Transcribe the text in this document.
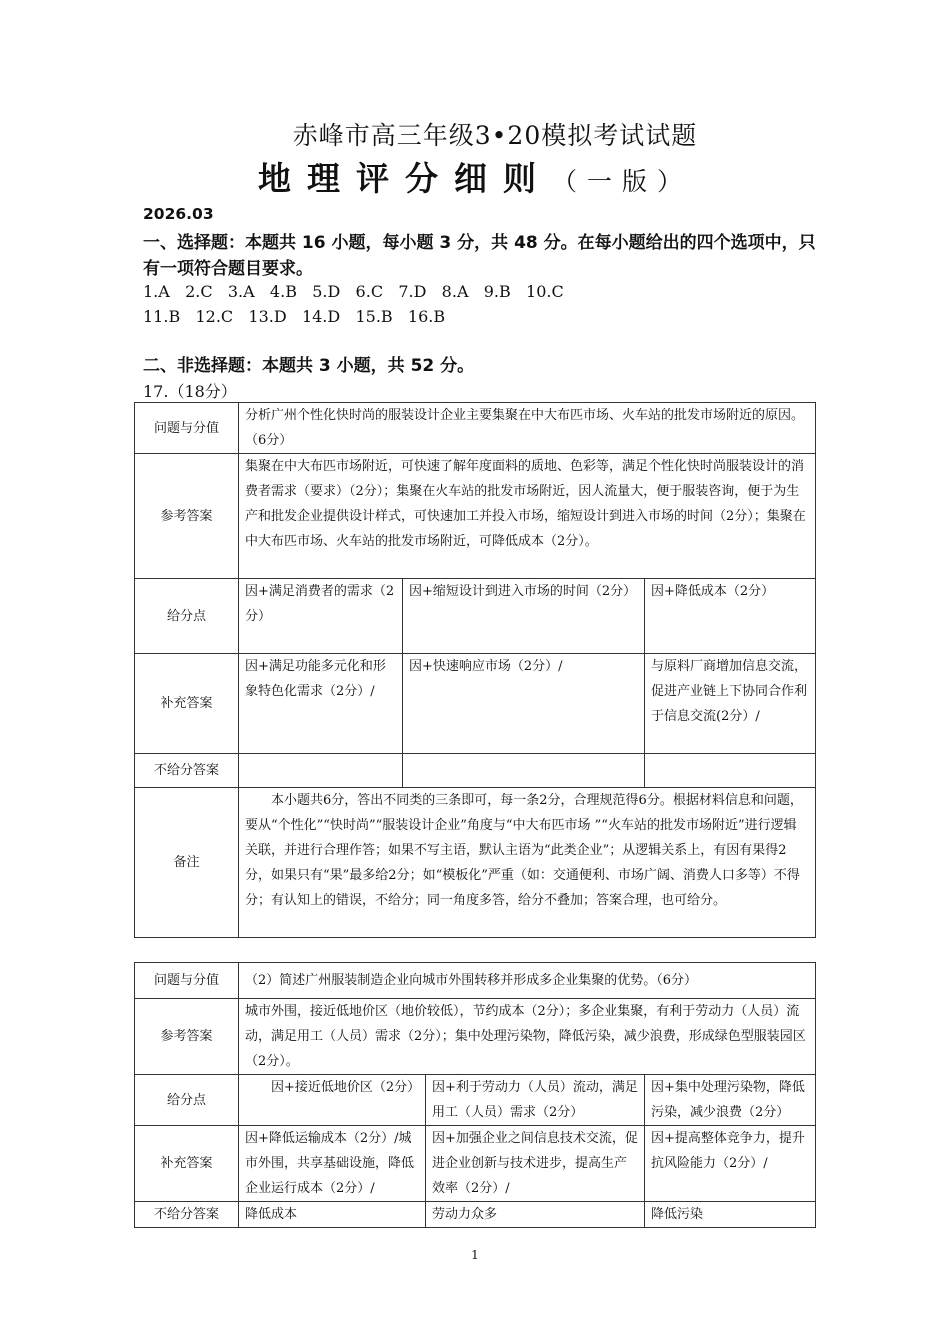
赤峰市高三年级3•20模拟考试试题
地理评分细则（一版）
2026.03
一、选择题：本题共 16 小题，每小题 3 分，共 48 分。在每小题给出的四个选项中，只有一项符合题目要求。
1.A   2.C   3.A   4.B   5.D   6.C   7.D   8.A   9.B   10.C
11.B   12.C   13.D   14.D   15.B   16.B
二、非选择题：本题共 3 小题，共 52 分。
17.（18分）
问题与分值	分析广州个性化快时尚的服装设计企业主要集聚在中大布匹市场、火车站的批发市场附近的原因。（6分）		
参考答案	集聚在中大布匹市场附近，可快速了解年度面料的质地、色彩等，满足个性化快时尚服装设计的消费者需求（要求）（2分）；集聚在火车站的批发市场附近，因人流量大，便于服装咨询，便于为生产和批发企业提供设计样式，可快速加工并投入市场，缩短设计到进入市场的时间（2分）；集聚在中大布匹市场、火车站的批发市场附近，可降低成本（2分）。		
给分点	因+满足消费者的需求（2分）	因+缩短设计到进入市场的时间（2分）	因+降低成本（2分）
补充答案	因+满足功能多元化和形象特色化需求（2分）/	因+快速响应市场（2分）/	与原料厂商增加信息交流，促进产业链上下协同合作利于信息交流(2分）/
不给分答案			
备注	本小题共6分，答出不同类的三条即可，每一条2分，合理规范得6分。根据材料信息和问题，要从“个性化”“快时尚”“服装设计企业”角度与“中大布匹市场 ”“火车站的批发市场附近”进行逻辑关联，并进行合理作答；如果不写主语，默认主语为“此类企业”；从逻辑关系上，有因有果得2分，如果只有“果”最多给2分；如“模板化”严重（如：交通便利、市场广阔、消费人口多等）不得分；有认知上的错误，不给分；同一角度多答，给分不叠加；答案合理，也可给分。		
问题与分值	（2）简述广州服装制造企业向城市外围转移并形成多企业集聚的优势。（6分）		
参考答案	城市外围，接近低地价区（地价较低），节约成本（2分）；多企业集聚，有利于劳动力（人员）流动，满足用工（人员）需求（2分）；集中处理污染物，降低污染，减少浪费，形成绿色型服装园区（2分）。		
给分点	因+接近低地价区（2分）	因+利于劳动力（人员）流动，满足用工（人员）需求（2分）	因+集中处理污染物，降低污染，减少浪费（2分）
补充答案	因+降低运输成本（2分）/城市外围，共享基础设施，降低企业运行成本（2分）/	因+加强企业之间信息技术交流，促进企业创新与技术进步，提高生产效率（2分）/	因+提高整体竞争力，提升抗风险能力（2分）/
不给分答案	降低成本	劳动力众多	降低污染
1
